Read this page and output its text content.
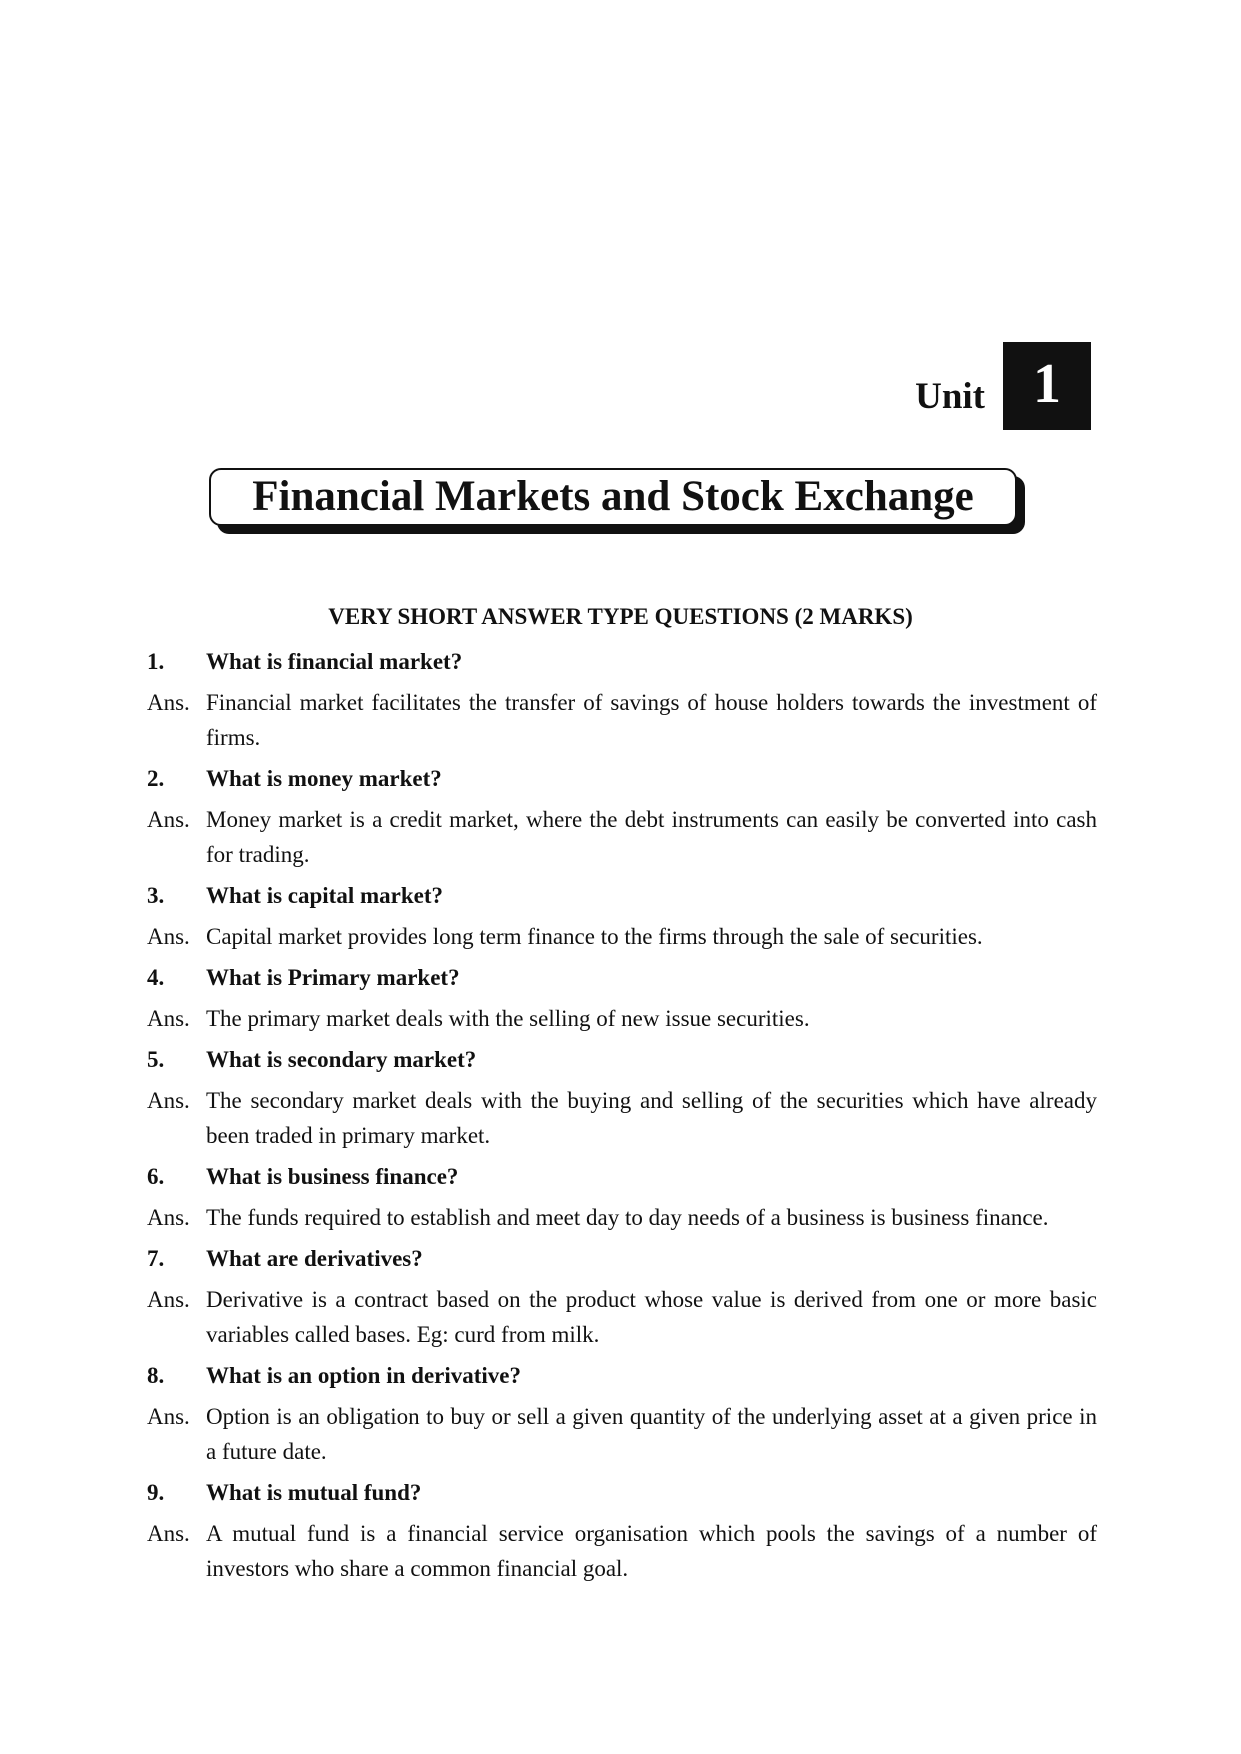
Unit 1
Financial Markets and Stock Exchange
VERY SHORT ANSWER TYPE QUESTIONS (2 MARKS)
1.	What is financial market?
Ans. Financial market facilitates the transfer of savings of house holders towards the investment of firms.
2.	What is money market?
Ans. Money market is a credit market, where the debt instruments can easily be converted into cash for trading.
3.	What is capital market?
Ans. Capital market provides long term finance to the firms through the sale of securities.
4.	What is Primary market?
Ans. The primary market deals with the selling of new issue securities.
5.	What is secondary market?
Ans. The secondary market deals with the buying and selling of the securities which have already been traded in primary market.
6.	What is business finance?
Ans. The funds required to establish and meet day to day needs of a business is business finance.
7.	What are derivatives?
Ans. Derivative is a contract based on the product whose value is derived from one or more basic variables called bases. Eg: curd from milk.
8.	What is an option in derivative?
Ans. Option is an obligation to buy or sell a given quantity of the underlying asset at a given price in a future date.
9.	What is mutual fund?
Ans. A mutual fund is a financial service organisation which pools the savings of a number of investors who share a common financial goal.
